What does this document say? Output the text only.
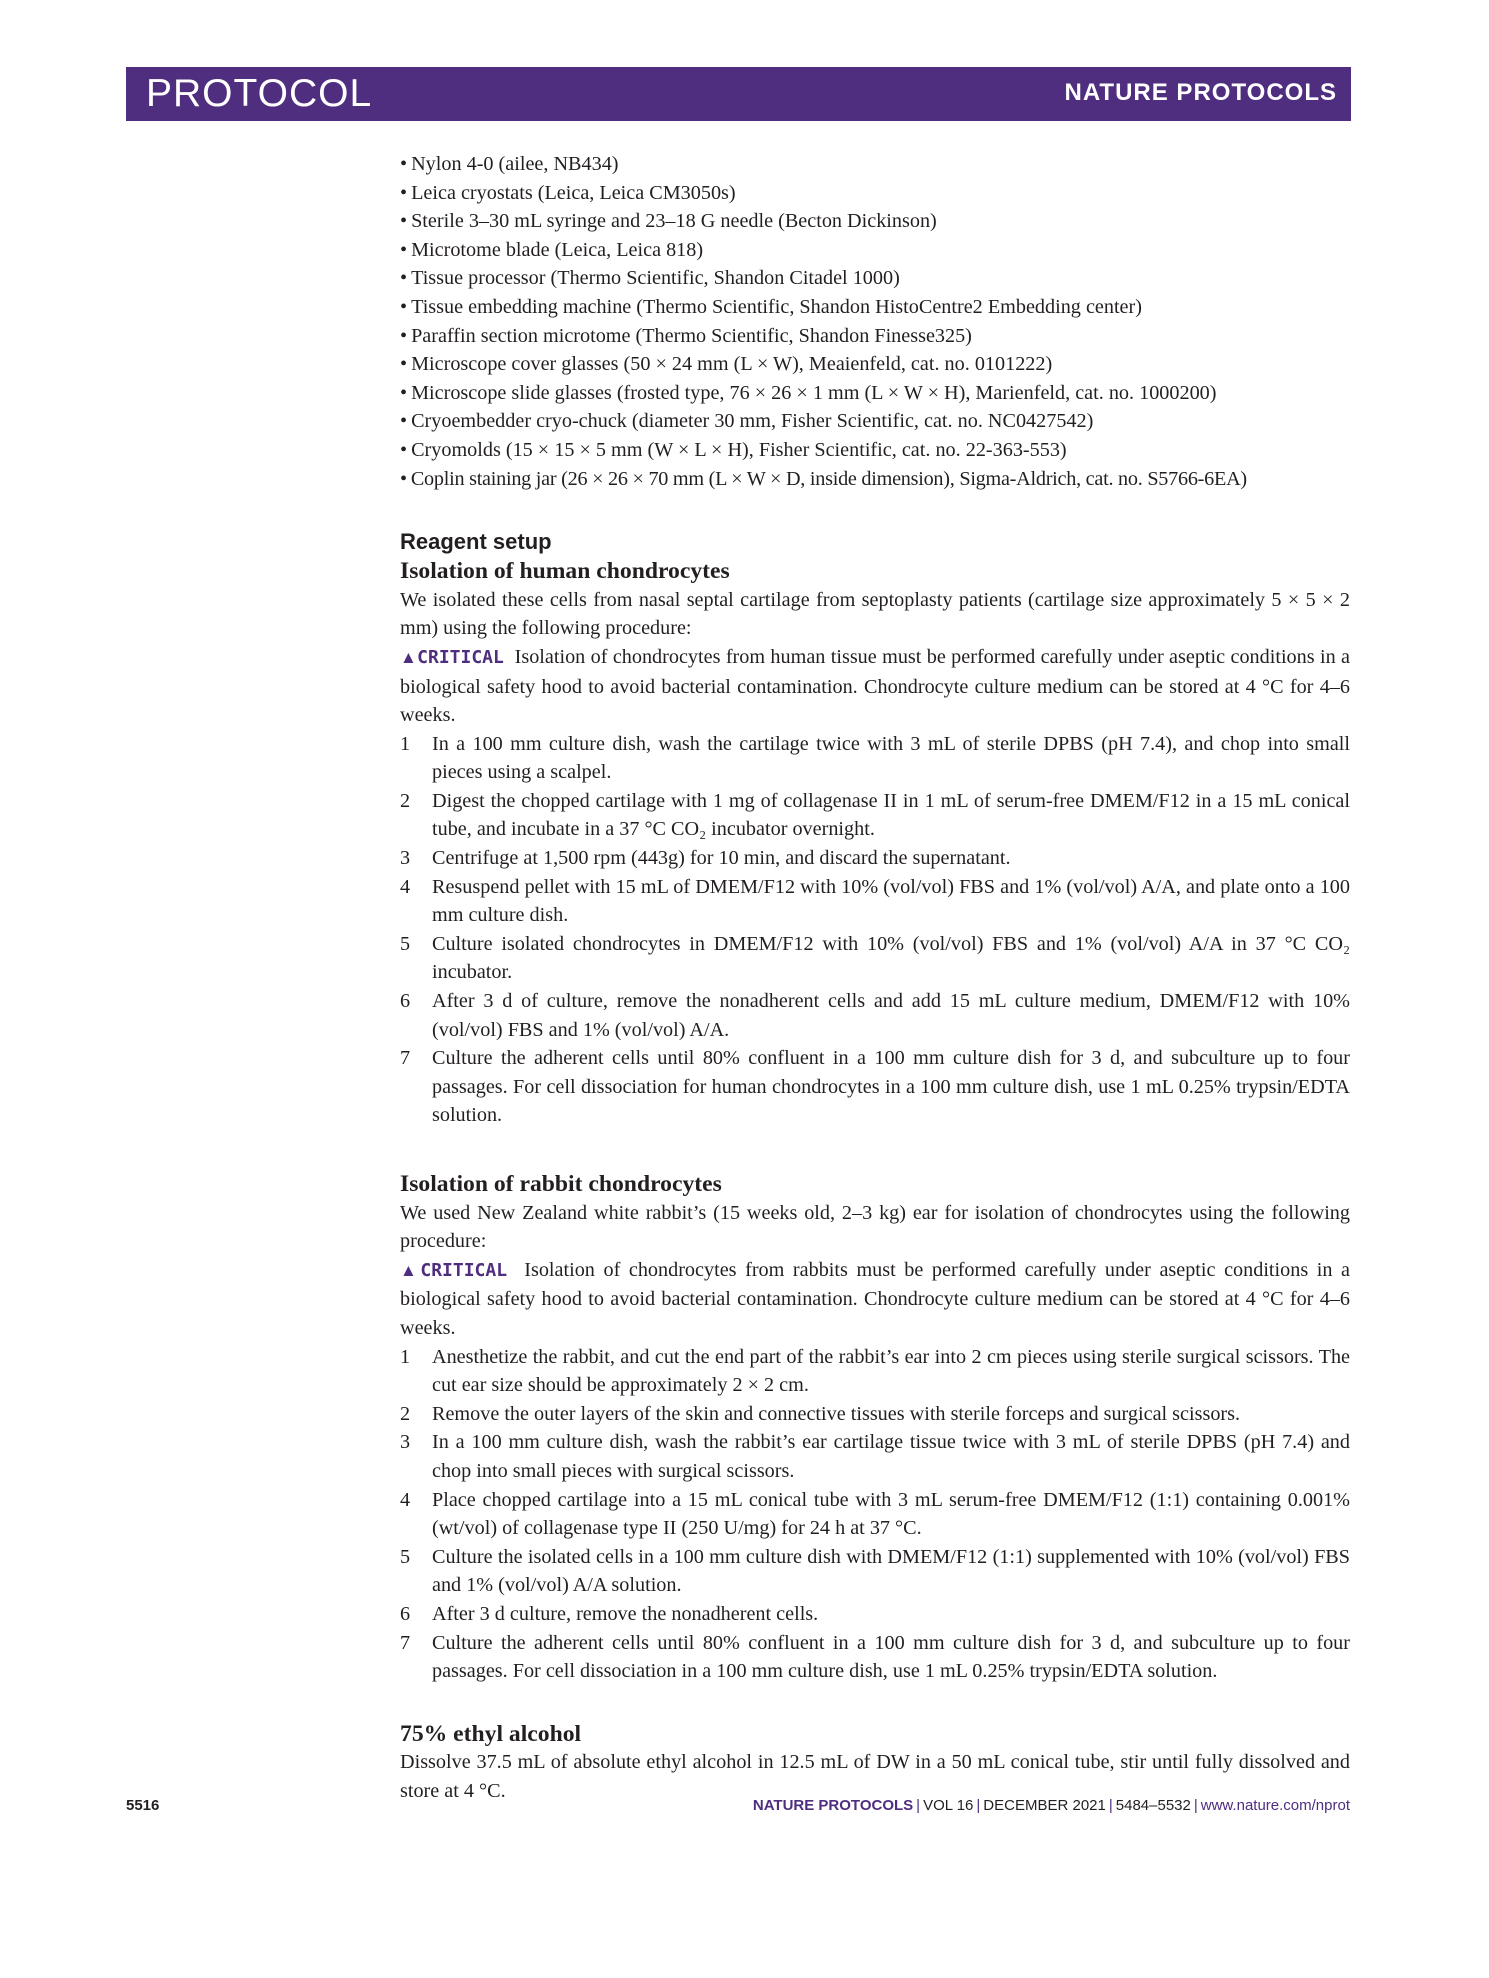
PROTOCOL	NATURE PROTOCOLS
• Nylon 4-0 (ailee, NB434)
• Leica cryostats (Leica, Leica CM3050s)
• Sterile 3–30 mL syringe and 23–18 G needle (Becton Dickinson)
• Microtome blade (Leica, Leica 818)
• Tissue processor (Thermo Scientific, Shandon Citadel 1000)
• Tissue embedding machine (Thermo Scientific, Shandon HistoCentre2 Embedding center)
• Paraffin section microtome (Thermo Scientific, Shandon Finesse325)
• Microscope cover glasses (50 × 24 mm (L × W), Meaienfeld, cat. no. 0101222)
• Microscope slide glasses (frosted type, 76 × 26 × 1 mm (L × W × H), Marienfeld, cat. no. 1000200)
• Cryoembedder cryo-chuck (diameter 30 mm, Fisher Scientific, cat. no. NC0427542)
• Cryomolds (15 × 15 × 5 mm (W × L × H), Fisher Scientific, cat. no. 22-363-553)
• Coplin staining jar (26 × 26 × 70 mm (L × W × D, inside dimension), Sigma-Aldrich, cat. no. S5766-6EA)
Reagent setup
Isolation of human chondrocytes

We isolated these cells from nasal septal cartilage from septoplasty patients (cartilage size approximately 5 × 5 × 2 mm) using the following procedure:

▲CRITICAL Isolation of chondrocytes from human tissue must be performed carefully under aseptic conditions in a biological safety hood to avoid bacterial contamination. Chondrocyte culture medium can be stored at 4 °C for 4–6 weeks.

1 In a 100 mm culture dish, wash the cartilage twice with 3 mL of sterile DPBS (pH 7.4), and chop into small pieces using a scalpel.
2 Digest the chopped cartilage with 1 mg of collagenase II in 1 mL of serum-free DMEM/F12 in a 15 mL conical tube, and incubate in a 37 °C CO₂ incubator overnight.
3 Centrifuge at 1,500 rpm (443g) for 10 min, and discard the supernatant.
4 Resuspend pellet with 15 mL of DMEM/F12 with 10% (vol/vol) FBS and 1% (vol/vol) A/A, and plate onto a 100 mm culture dish.
5 Culture isolated chondrocytes in DMEM/F12 with 10% (vol/vol) FBS and 1% (vol/vol) A/A in 37 °C CO₂ incubator.
6 After 3 d of culture, remove the nonadherent cells and add 15 mL culture medium, DMEM/F12 with 10% (vol/vol) FBS and 1% (vol/vol) A/A.
7 Culture the adherent cells until 80% confluent in a 100 mm culture dish for 3 d, and subculture up to four passages. For cell dissociation for human chondrocytes in a 100 mm culture dish, use 1 mL 0.25% trypsin/EDTA solution.
Isolation of rabbit chondrocytes

We used New Zealand white rabbit’s (15 weeks old, 2–3 kg) ear for isolation of chondrocytes using the following procedure:

▲CRITICAL Isolation of chondrocytes from rabbits must be performed carefully under aseptic conditions in a biological safety hood to avoid bacterial contamination. Chondrocyte culture medium can be stored at 4 °C for 4–6 weeks.

1 Anesthetize the rabbit, and cut the end part of the rabbit’s ear into 2 cm pieces using sterile surgical scissors. The cut ear size should be approximately 2 × 2 cm.
2 Remove the outer layers of the skin and connective tissues with sterile forceps and surgical scissors.
3 In a 100 mm culture dish, wash the rabbit’s ear cartilage tissue twice with 3 mL of sterile DPBS (pH 7.4) and chop into small pieces with surgical scissors.
4 Place chopped cartilage into a 15 mL conical tube with 3 mL serum-free DMEM/F12 (1:1) containing 0.001% (wt/vol) of collagenase type II (250 U/mg) for 24 h at 37 °C.
5 Culture the isolated cells in a 100 mm culture dish with DMEM/F12 (1:1) supplemented with 10% (vol/vol) FBS and 1% (vol/vol) A/A solution.
6 After 3 d culture, remove the nonadherent cells.
7 Culture the adherent cells until 80% confluent in a 100 mm culture dish for 3 d, and subculture up to four passages. For cell dissociation in a 100 mm culture dish, use 1 mL 0.25% trypsin/EDTA solution.
75% ethyl alcohol

Dissolve 37.5 mL of absolute ethyl alcohol in 12.5 mL of DW in a 50 mL conical tube, stir until fully dissolved and store at 4 °C.

5516	NATURE PROTOCOLS | VOL 16 | DECEMBER 2021 | 5484–5532 | www.nature.com/nprot
